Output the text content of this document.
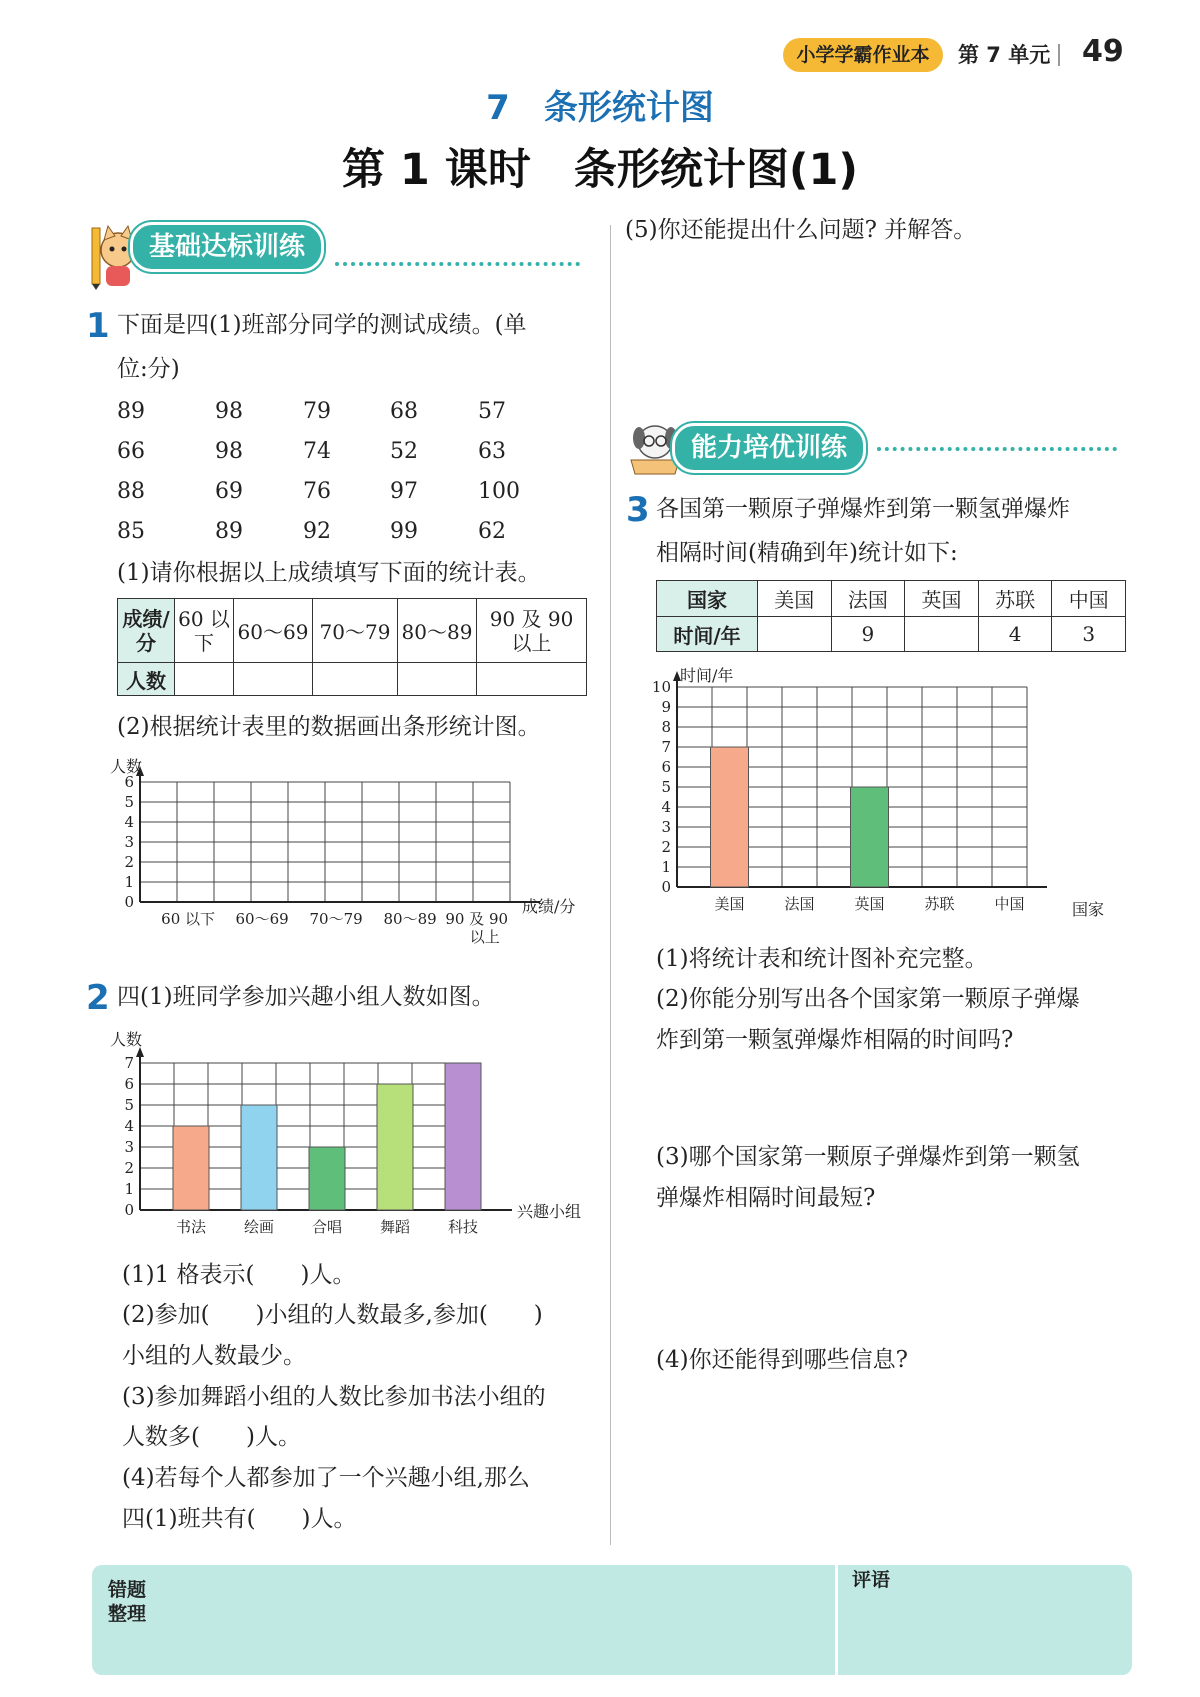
小学学霸作业本	第 7 单元 49
7　条形统计图
第 1 课时　条形统计图(1)
基础达标训练
1 下面是四(1)班部分同学的测试成绩。(单
位:分)
89	98	79	68	57
66	98	74	52	63
88	69	76	97	100
85	89	92	99	62
(1)请你根据以上成绩填写下面的统计表。
成绩/分	60 以下	60～69	70～79	80～89	90 及 90 以上
人数					
(2)根据统计表里的数据画出条形统计图。
0
1
2
3
4
5
6
人数
成绩/分
60 以下 60～69 70～79 80～89 90 及 90
以上
2 四(1)班同学参加兴趣小组人数如图。
0
1
2
3
4
5
6
7
人数
兴趣小组
书法	绘画	合唱	舞蹈	科技
(1)1 格表示(　　)人。
(2)参加(　　)小组的人数最多,参加(　　)
小组的人数最少。
(3)参加舞蹈小组的人数比参加书法小组的
人数多(　　)人。
(4)若每个人都参加了一个兴趣小组,那么
四(1)班共有(　　)人。
(5)你还能提出什么问题? 并解答。
能力培优训练
3 各国第一颗原子弹爆炸到第一颗氢弹爆炸
相隔时间(精确到年)统计如下:
国家	美国	法国	英国	苏联	中国
时间/年		9		4	3
0
1
2
3
4
5
6
7
8
9
10
时间/年
国家
美国	法国	英国	苏联	中国
(1)将统计表和统计图补充完整。
(2)你能分别写出各个国家第一颗原子弹爆
炸到第一颗氢弹爆炸相隔的时间吗?
(3)哪个国家第一颗原子弹爆炸到第一颗氢
弹爆炸相隔时间最短?
(4)你还能得到哪些信息?
错题
整理
评语
